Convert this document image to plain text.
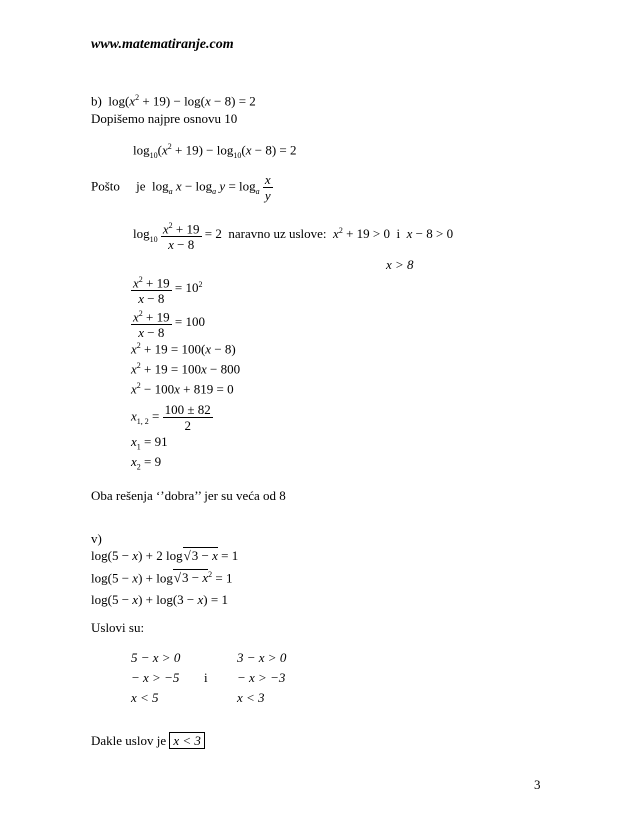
www.matematiranje.com
b)  $\log(x^2 + 19) - \log(x - 8) = 2$
Dopišemo najpre osnovu 10
$\log_{10}(x^2 + 19) - \log_{10}(x - 8) = 2$
Pošto je  $\log_a x - \log_a y = \log_a \frac{x}{y}$
$\log_{10} \frac{x^2 + 19}{x - 8} = 2$  naravno uz uslove: $x^2 + 19 > 0$  i x − 8 > 0
x > 8
$\frac{x^2 + 19}{x - 8} = 10^2$
$\frac{x^2 + 19}{x - 8} = 100$
$x^2 + 19 = 100(x - 8)$
$x^2 + 19 = 100x - 800$
$x^2 - 100x + 819 = 0$
$x_{1, 2} = \frac{100 \pm 82}{2}$
$x_1 = 91$
$x_2 = 9$
Oba rešenja ‘’dobra’’ jer su veća od 8
v)
log(5 − x) + 2 log√3 − x = 1
$\log(5 - x) + \log√3 - x^2 = 1$
log(5 − x) + log(3 − x) = 1
Uslovi su:
5 − x > 0
− x > −5
x < 5
i
3 − x > 0
− x > −3
x < 3
Dakle uslov je x < 3
3
